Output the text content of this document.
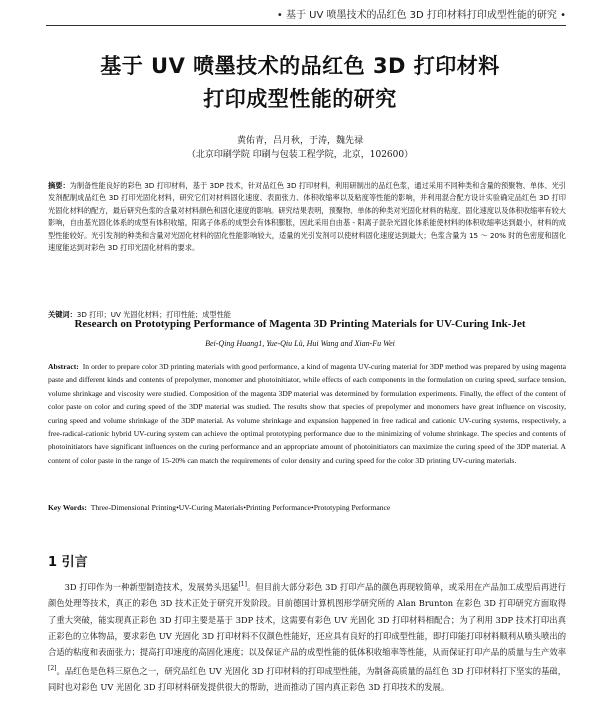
• 基于 UV 喷墨技术的品红色 3D 打印材料打印成型性能的研究 •
基于 UV 喷墨技术的品红色 3D 打印材料
打印成型性能的研究
黄佑青，吕月秋，于涛，魏先禄
（北京印刷学院 印刷与包装工程学院，北京，102600）
摘要：为制备性能良好的彩色 3D 打印材料，基于 3DP 技术，针对品红色 3D 打印材料，利用研制出的品红色浆，通过采用不同种类和含量的预聚物、单体、光引发剂配制成品红色 3D 打印光固化材料，研究它们对材料固化速度、表面张力、体积收缩率以及粘度等性能的影响，并利用混合配方设计实验确定品红色 3D 打印光固化材料的配方，最后研究色浆的含量对材料颜色和固化速度的影响。研究结果表明，预聚物、单体的种类对光固化材料的粘度、固化速度以及体积收缩率有较大影响，自由基光固化体系的成型有体积收缩，阳离子体系的成型会有体积膨胀，因此采用自由基 - 阳离子混杂光固化体系能使材料的体积收缩率达到最小，材料的成型性能较好。光引发剂的种类和含量对光固化材料的固化性能影响较大，适量的光引发剂可以使材料固化速度达到最大；色浆含量为 15 ～ 20% 时的色密度和固化速度能达到对彩色 3D 打印光固化材料的要求。
关键词：3D 打印；UV 光固化材料；打印性能；成型性能
Research on Prototyping Performance of Magenta 3D Printing Materials for UV-Curing Ink-Jet
Bei-Qing Huang1, Yue-Qiu Lü, Hui Wang and Xian-Fu Wei
Abstract: In order to prepare color 3D printing materials with good performance, a kind of magenta UV-curing material for 3DP method was prepared by using magenta paste and different kinds and contents of prepolymer, monomer and photoinitiator, while effects of each components in the formulation on curing speed, surface tension, volume shrinkage and viscosity were studied. Composition of the magenta 3DP material was determined by formulation experiments. Finally, the effect of the content of color paste on color and curing speed of the 3DP material was studied. The results show that species of prepolymer and monomers have great influence on viscosity, curing speed and volume shrinkage of the 3DP material. As volume shrinkage and expansion happened in free radical and cationic UV-curing systems, respectively, a free-radical-cationic hybrid UV-curing system can achieve the optimal prototyping performance due to the minimizing of volume shrinkage. The species and contents of photoinitiators have significant influences on the curing performance and an appropriate amount of photoinitiators can maximize the curing speed of the 3DP material. A content of color paste in the range of 15-20% can match the requirements of color density and curing speed for the color 3D printing UV-curing materials.
Key Words: Three-Dimensional Printing•UV-Curing Materials•Printing Performance•Prototyping Performance
1 引言
3D 打印作为一种新型制造技术，发展势头迅猛[1]。但目前大部分彩色 3D 打印产品的颜色再现较简单，或采用在产品加工成型后再进行颜色处理等技术，真正的彩色 3D 技术正处于研究开发阶段。目前德国计算机图形学研究所的 Alan Brunton 在彩色 3D 打印研究方面取得了重大突破，能实现真正彩色 3D 打印主要是基于 3DP 技术，这需要有彩色 UV 光固化 3D 打印材料相配合；为了利用 3DP 技术打印出真正彩色的立体物品，要求彩色 UV 光固化 3D 打印材料不仅颜色性能好，还应具有良好的打印成型性能，即打印能打印材料顺利从喷头喷出的合适的粘度和表面张力；提高打印速度的高固化速度；以及保证产品的成型性能的低体积收缩率等性能，从而保证打印产品的质量与生产效率[2]。品红色是色料三原色之一，研究品红色 UV 光固化 3D 打印材料的打印成型性能，为制备高质量的品红色 3D 打印材料打下坚实的基础，同时也对彩色 UV 光固化 3D 打印材料研发提供很大的帮助，进而推动了国内真正彩色 3D 打印技术的发展。
